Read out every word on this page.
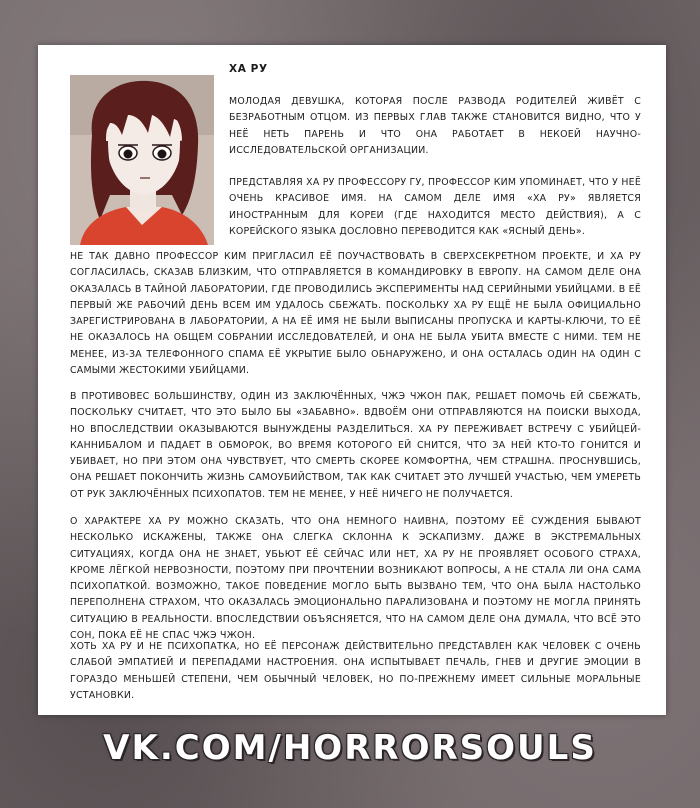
ХА РУ

МОЛОДАЯ ДЕВУШКА, КОТОРАЯ ПОСЛЕ РАЗВОДА РОДИТЕЛЕЙ ЖИВЁТ С БЕЗРАБОТНЫМ ОТЦОМ. ИЗ ПЕРВЫХ ГЛАВ ТАКЖЕ СТАНОВИТСЯ ВИДНО, ЧТО У НЕЁ НЕТЬ ПАРЕНЬ И ЧТО ОНА РАБОТАЕТ В НЕКОЕЙ НАУЧНО-ИССЛЕДОВАТЕЛЬСКОЙ ОРГАНИЗАЦИИ.

ПРЕДСТАВЛЯЯ ХА РУ ПРОФЕССОРУ ГУ, ПРОФЕССОР КИМ УПОМИНАЕТ, ЧТО У НЕЁ ОЧЕНЬ КРАСИВОЕ ИМЯ. НА САМОМ ДЕЛЕ ИМЯ «ХА РУ» ЯВЛЯЕТСЯ ИНОСТРАННЫМ ДЛЯ КОРЕИ (ГДЕ НАХОДИТСЯ МЕСТО ДЕЙСТВИЯ), А С КОРЕЙСКОГО ЯЗЫКА ДОСЛОВНО ПЕРЕВОДИТСЯ КАК «ЯСНЫЙ ДЕНЬ».

НЕ ТАК ДАВНО ПРОФЕССОР КИМ ПРИГЛАСИЛ ЕЁ ПОУЧАСТВОВАТЬ В СВЕРХСЕКРЕТНОМ ПРОЕКТЕ, И ХА РУ СОГЛАСИЛАСЬ, СКАЗАВ БЛИЗКИМ, ЧТО ОТПРАВЛЯЕТСЯ В КОМАНДИРОВКУ В ЕВРОПУ. НА САМОМ ДЕЛЕ ОНА ОКАЗАЛАСЬ В ТАЙНОЙ ЛАБОРАТОРИИ, ГДЕ ПРОВОДИЛИСЬ ЭКСПЕРИМЕНТЫ НАД СЕРИЙНЫМИ УБИЙЦАМИ. В ЕЁ ПЕРВЫЙ ЖЕ РАБОЧИЙ ДЕНЬ ВСЕМ ИМ УДАЛОСЬ СБЕЖАТЬ. ПОСКОЛЬКУ ХА РУ ЕЩЁ НЕ БЫЛА ОФИЦИАЛЬНО ЗАРЕГИСТРИРОВАНА В ЛАБОРАТОРИИ, А НА ЕЁ ИМЯ НЕ БЫЛИ ВЫПИСАНЫ ПРОПУСКА И КАРТЫ-КЛЮЧИ, ТО ЕЁ НЕ ОКАЗАЛОСЬ НА ОБЩЕМ СОБРАНИИ ИССЛЕДОВАТЕЛЕЙ, И ОНА НЕ БЫЛА УБИТА ВМЕСТЕ С НИМИ. ТЕМ НЕ МЕНЕЕ, ИЗ-ЗА ТЕЛЕФОННОГО СПАМА ЕЁ УКРЫТИЕ БЫЛО ОБНАРУЖЕНО, И ОНА ОСТАЛАСЬ ОДИН НА ОДИН С САМЫМИ ЖЕСТОКИМИ УБИЙЦАМИ.

В ПРОТИВОВЕС БОЛЬШИНСТВУ, ОДИН ИЗ ЗАКЛЮЧЁННЫХ, ЧЖЭ ЧЖОН ПАК, РЕШАЕТ ПОМОЧЬ ЕЙ СБЕЖАТЬ, ПОСКОЛЬКУ СЧИТАЕТ, ЧТО ЭТО БЫЛО БЫ «ЗАБАВНО». ВДВОЁМ ОНИ ОТПРАВЛЯЮТСЯ НА ПОИСКИ ВЫХОДА, НО ВПОСЛЕДСТВИИ ОКАЗЫВАЮТСЯ ВЫНУЖДЕНЫ РАЗДЕЛИТЬСЯ. ХА РУ ПЕРЕЖИВАЕТ ВСТРЕЧУ С УБИЙЦЕЙ-КАННИБАЛОМ И ПАДАЕТ В ОБМОРОК, ВО ВРЕМЯ КОТОРОГО ЕЙ СНИТСЯ, ЧТО ЗА НЕЙ КТО-ТО ГОНИТСЯ И УБИВАЕТ, НО ПРИ ЭТОМ ОНА ЧУВСТВУЕТ, ЧТО СМЕРТЬ СКОРЕЕ КОМФОРТНА, ЧЕМ СТРАШНА. ПРОСНУВШИСЬ, ОНА РЕШАЕТ ПОКОНЧИТЬ ЖИЗНЬ САМОУБИЙСТВОМ, ТАК КАК СЧИТАЕТ ЭТО ЛУЧШЕЙ УЧАСТЬЮ, ЧЕМ УМЕРЕТЬ ОТ РУК ЗАКЛЮЧЁННЫХ ПСИХОПАТОВ. ТЕМ НЕ МЕНЕЕ, У НЕЁ НИЧЕГО НЕ ПОЛУЧАЕТСЯ.

О ХАРАКТЕРЕ ХА РУ МОЖНО СКАЗАТЬ, ЧТО ОНА НЕМНОГО НАИВНА, ПОЭТОМУ ЕЁ СУЖДЕНИЯ БЫВАЮТ НЕСКОЛЬКО ИСКАЖЕНЫ, ТАКЖЕ ОНА СЛЕГКА СКЛОННА К ЭСКАПИЗМУ. ДАЖЕ В ЭКСТРЕМАЛЬНЫХ СИТУАЦИЯХ, КОГДА ОНА НЕ ЗНАЕТ, УБЬЮТ ЕЁ СЕЙЧАС ИЛИ НЕТ, ХА РУ НЕ ПРОЯВЛЯЕТ ОСОБОГО СТРАХА, КРОМЕ ЛЁГКОЙ НЕРВОЗНОСТИ, ПОЭТОМУ ПРИ ПРОЧТЕНИИ ВОЗНИКАЮТ ВОПРОСЫ, А НЕ СТАЛА ЛИ ОНА САМА ПСИХОПАТКОЙ. ВОЗМОЖНО, ТАКОЕ ПОВЕДЕНИЕ МОГЛО БЫТЬ ВЫЗВАНО ТЕМ, ЧТО ОНА БЫЛА НАСТОЛЬКО ПЕРЕПОЛНЕНА СТРАХОМ, ЧТО ОКАЗАЛАСЬ ЭМОЦИОНАЛЬНО ПАРАЛИЗОВАНА И ПОЭТОМУ НЕ МОГЛА ПРИНЯТЬ СИТУАЦИЮ В РЕАЛЬНОСТИ. ВПОСЛЕДСТВИИ ОБЪЯСНЯЕТСЯ, ЧТО НА САМОМ ДЕЛЕ ОНА ДУМАЛА, ЧТО ВСЁ ЭТО СОН, ПОКА ЕЁ НЕ СПАС ЧЖЭ ЧЖОН.

ХОТЬ ХА РУ И НЕ ПСИХОПАТКА, НО ЕЁ ПЕРСОНАЖ ДЕЙСТВИТЕЛЬНО ПРЕДСТАВЛЕН КАК ЧЕЛОВЕК С ОЧЕНЬ СЛАБОЙ ЭМПАТИЕЙ И ПЕРЕПАДАМИ НАСТРОЕНИЯ. ОНА ИСПЫТЫВАЕТ ПЕЧАЛЬ, ГНЕВ И ДРУГИЕ ЭМОЦИИ В ГОРАЗДО МЕНЬШЕЙ СТЕПЕНИ, ЧЕМ ОБЫЧНЫЙ ЧЕЛОВЕК, НО ПО-ПРЕЖНЕМУ ИМЕЕТ СИЛЬНЫЕ МОРАЛЬНЫЕ УСТАНОВКИ.

VK.COM/HORRORSOULS
